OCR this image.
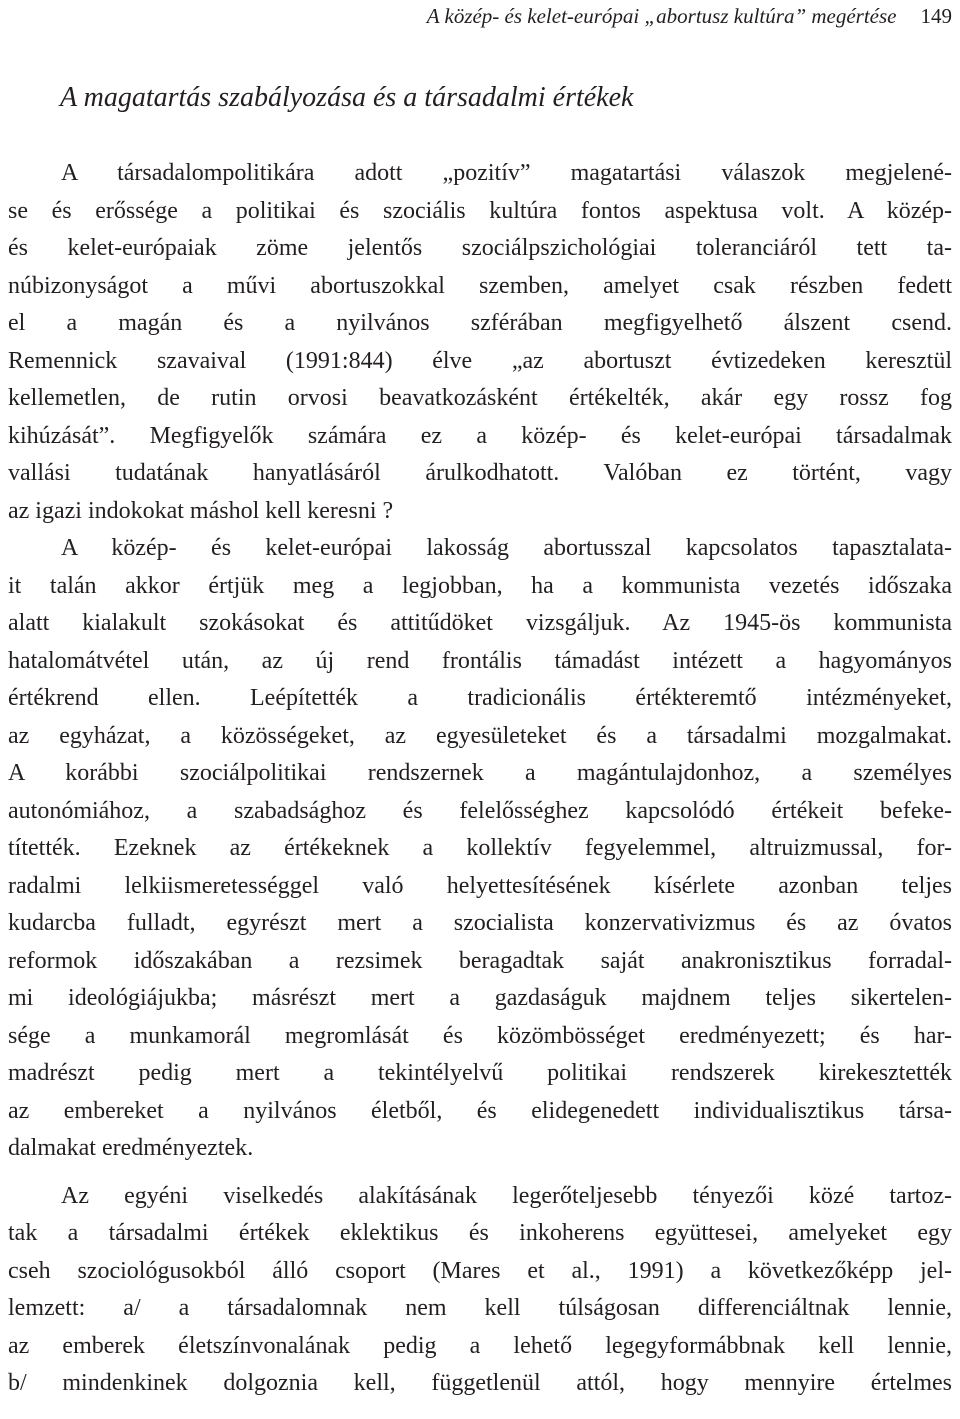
A közép- és kelet-európai „abortusz kultúra” megértése 149
A magatartás szabályozása és a társadalmi értékek
A társadalompolitikára adott „pozitív” magatartási válaszok megjelené-
se és erőssége a politikai és szociális kultúra fontos aspektusa volt. A közép-
és kelet-európaiak zöme jelentős szociálpszichológiai toleranciáról tett ta-
núbizonyságot a művi abortuszokkal szemben, amelyet csak részben fedett
el a magán és a nyilvános szférában megfigyelhető álszent csend.
Remennick szavaival (1991:844) élve „az abortuszt évtizedeken keresztül
kellemetlen, de rutin orvosi beavatkozásként értékelték, akár egy rossz fog
kihúzását”. Megfigyelők számára ez a közép- és kelet-európai társadalmak
vallási tudatának hanyatlásáról árulkodhatott. Valóban ez történt, vagy
az igazi indokokat máshol kell keresni ?
A közép- és kelet-európai lakosság abortusszal kapcsolatos tapasztalata-
it talán akkor értjük meg a legjobban, ha a kommunista vezetés időszaka
alatt kialakult szokásokat és attitűdöket vizsgáljuk. Az 1945-ös kommunista
hatalomátvétel után, az új rend frontális támadást intézett a hagyományos
értékrend ellen. Leépítették a tradicionális értékteremtő intézményeket,
az egyházat, a közösségeket, az egyesületeket és a társadalmi mozgalmakat.
A korábbi szociálpolitikai rendszernek a magántulajdonhoz, a személyes
autonómiához, a szabadsághoz és felelősséghez kapcsolódó értékeit befeke-
títették. Ezeknek az értékeknek a kollektív fegyelemmel, altruizmussal, for-
radalmi lelkiismeretességgel való helyettesítésének kísérlete azonban teljes
kudarcba fulladt, egyrészt mert a szocialista konzervativizmus és az óvatos
reformok időszakában a rezsimek beragadtak saját anakronisztikus forradal-
mi ideológiájukba; másrészt mert a gazdaságuk majdnem teljes sikertelen-
sége a munkamorál megromlását és közömbösséget eredményezett; és har-
madrészt pedig mert a tekintélyelvű politikai rendszerek kirekesztették
az embereket a nyilvános életből, és elidegenedett individualisztikus társa-
dalmakat eredményeztek.
Az egyéni viselkedés alakításának legerőteljesebb tényezői közé tartoz-
tak a társadalmi értékek eklektikus és inkoherens együttesei, amelyeket egy
cseh szociológusokból álló csoport (Mares et al., 1991) a következőképp jel-
lemzett: a/ a társadalomnak nem kell túlságosan differenciáltnak lennie,
az emberek életszínvonalának pedig a lehető legegyformábbnak kell lennie,
b/ mindenkinek dolgoznia kell, függetlenül attól, hogy mennyire értelmes
